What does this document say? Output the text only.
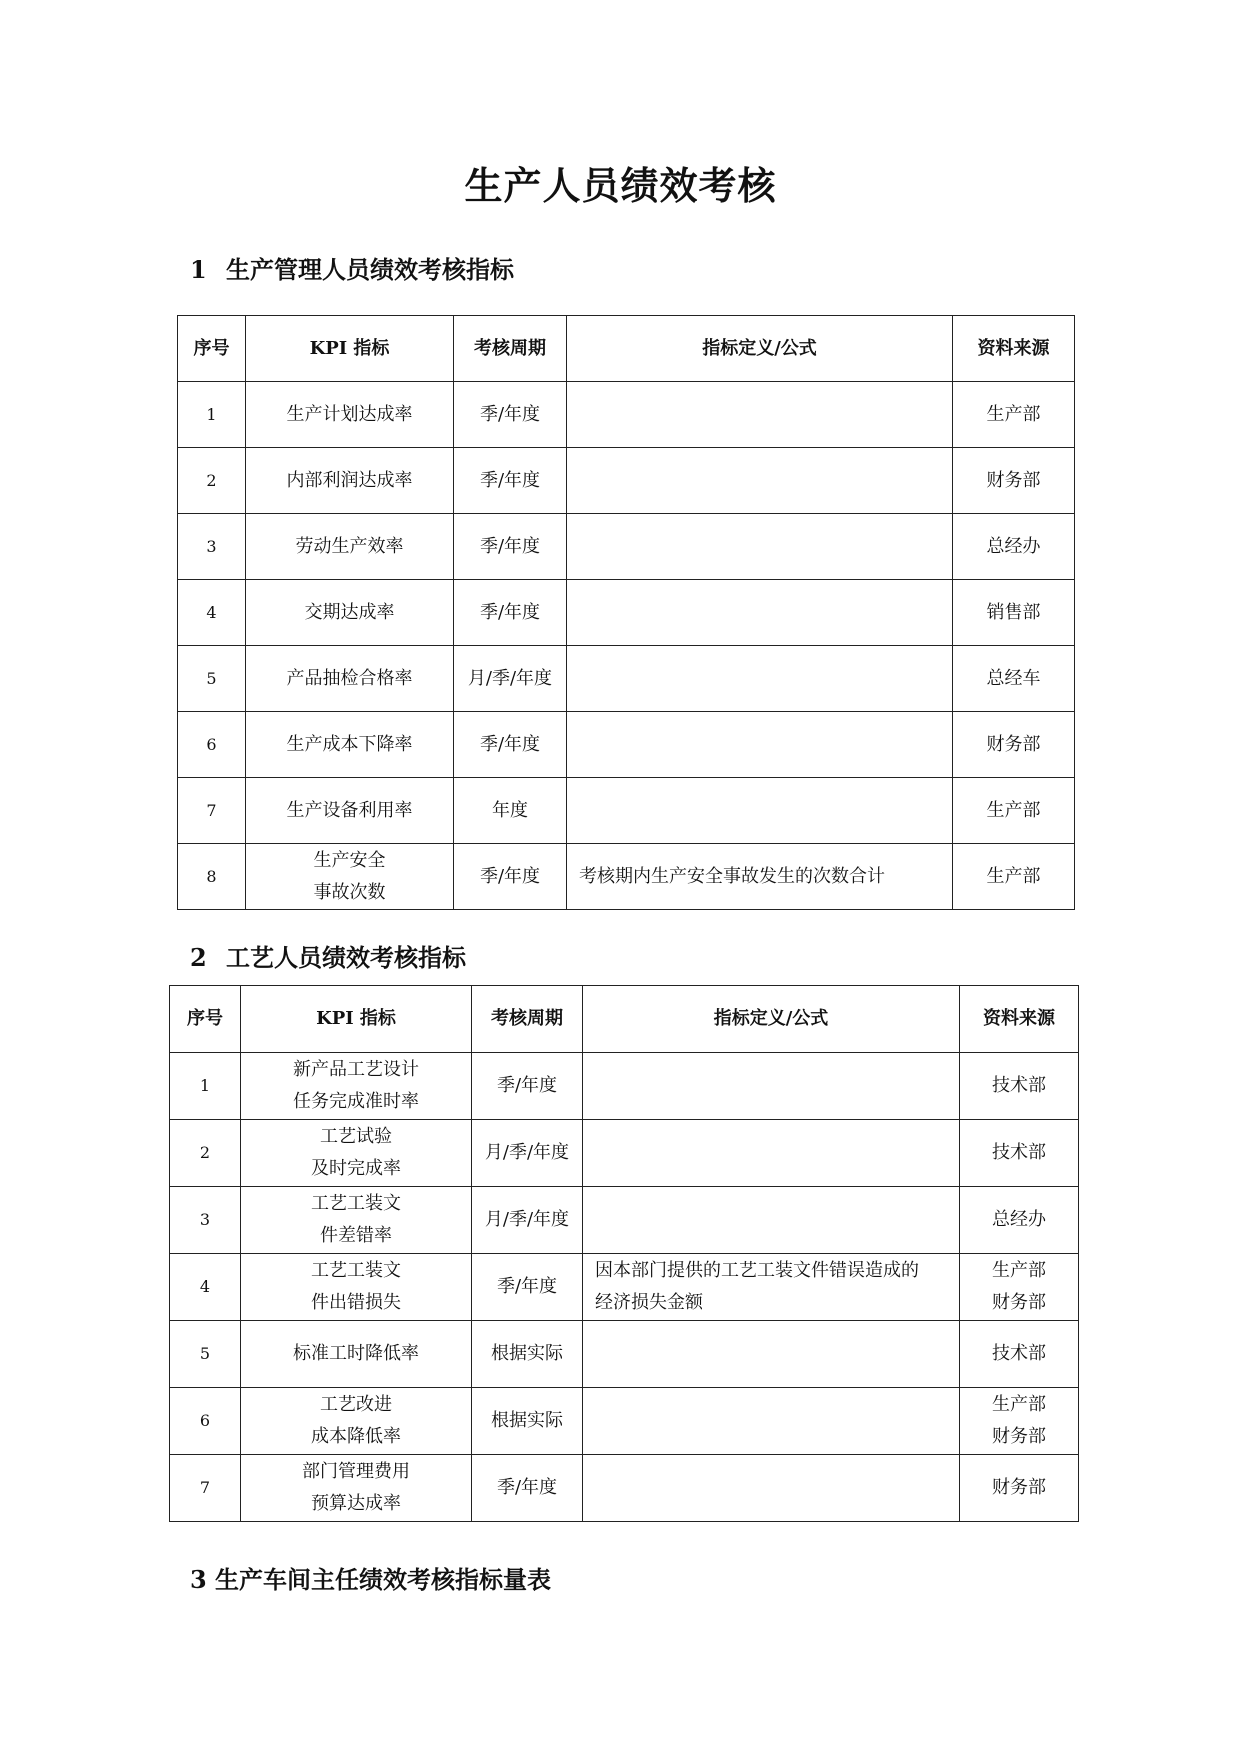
生产人员绩效考核
1 生产管理人员绩效考核指标
序号	KPI 指标	考核周期	指标定义/公式	资料来源
1	生产计划达成率	季/年度		生产部

2	内部利润达成率	季/年度		财务部

3	劳动生产效率	季/年度		总经办

4	交期达成率	季/年度		销售部

5	产品抽检合格率	月/季/年度		总经车

6	生产成本下降率	季/年度		财务部

7	生产设备利用率	年度		生产部

8	生产安全
事故次数	季/年度	考核期内生产安全事故发生的次数合计	生产部
2 工艺人员绩效考核指标
序号	KPI 指标	考核周期	指标定义/公式	资料来源
1	新产品工艺设计
任务完成准时率	季/年度		技术部

2	工艺试验
及时完成率	月/季/年度		技术部

3	工艺工装文
件差错率	月/季/年度		总经办

4	工艺工装文
件出错损失	季/年度	因本部门提供的工艺工装文件错误造成的
经济损失金额	生产部
财务部

5	标准工时降低率	根据实际		技术部

6	工艺改进
成本降低率	根据实际		生产部
财务部

7	部门管理费用
预算达成率	季/年度		财务部
3 生产车间主任绩效考核指标量表
